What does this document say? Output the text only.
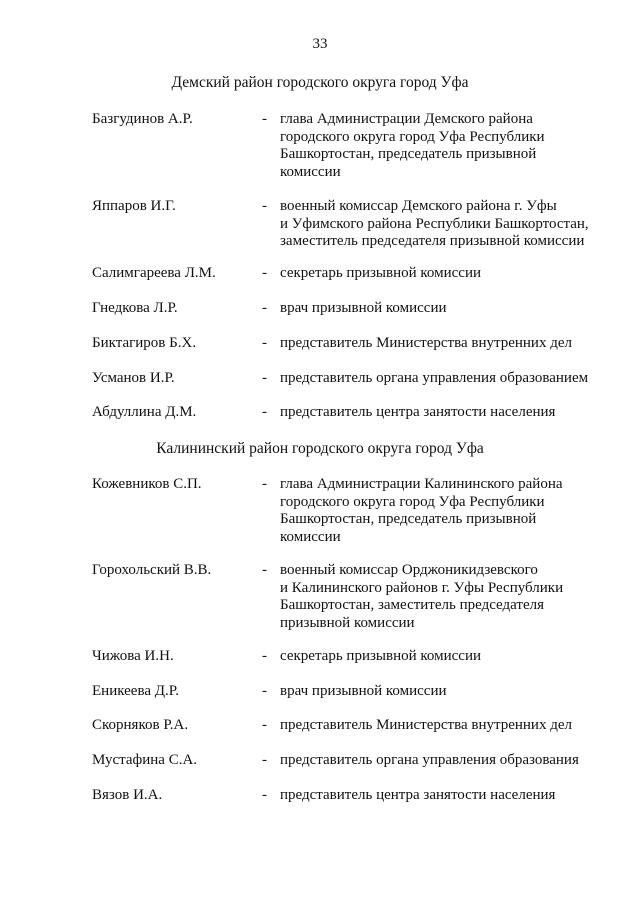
33
Демский район городского округа город Уфа
Базгудинов А.Р.	- глава Администрации Демского района
городского округа город Уфа Республики
Башкортостан, председатель призывной
комиссии
Яппаров И.Г.	- военный комиссар Демского района г. Уфы
и Уфимского района Республики Башкортостан,
заместитель председателя призывной комиссии
Салимгареева Л.М.	- секретарь призывной комиссии
Гнедкова Л.Р.	- врач призывной комиссии
Биктагиров Б.Х.	- представитель Министерства внутренних дел
Усманов И.Р.	- представитель органа управления образованием
Абдуллина Д.М.	- представитель центра занятости населения
Калининский район городского округа город Уфа
Кожевников С.П.	- глава Администрации Калининского района
городского округа город Уфа Республики
Башкортостан, председатель призывной
комиссии
Горохольский В.В.	- военный комиссар Орджоникидзевского
и Калининского районов г. Уфы Республики
Башкортостан, заместитель председателя
призывной комиссии
Чижова И.Н.	- секретарь призывной комиссии
Еникеева Д.Р.	- врач призывной комиссии
Скорняков Р.А.	- представитель Министерства внутренних дел
Мустафина С.А.	- представитель органа управления образования
Вязов И.А.	- представитель центра занятости населения
